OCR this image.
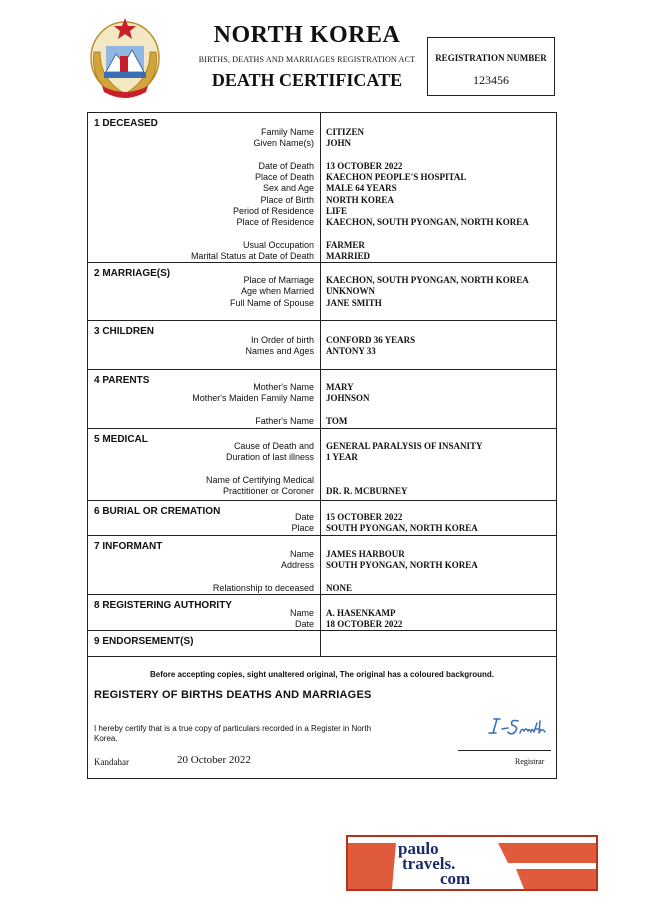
NORTH KOREA
BIRTHS, DEATHS AND MARRIAGES REGISTRATION ACT
DEATH CERTIFICATE
REGISTRATION NUMBER
123456
1 DECEASED
Family Name CITIZEN
Given Name(s) JOHN
Date of Death 13 OCTOBER 2022
Place of Death KAECHON PEOPLE'S HOSPITAL
Sex and Age MALE 64 YEARS
Place of Birth NORTH KOREA
Period of Residence LIFE
Place of Residence KAECHON, SOUTH PYONGAN, NORTH KOREA
Usual Occupation FARMER
Marital Status at Date of Death MARRIED
2 MARRIAGE(S)
Place of Marriage KAECHON, SOUTH PYONGAN, NORTH KOREA
Age when Married UNKNOWN
Full Name of Spouse JANE SMITH
3 CHILDREN
In Order of birth CONFORD 36 YEARS
Names and Ages ANTONY 33
4 PARENTS
Mother's Name MARY
Mother's Maiden Family Name JOHNSON
Father's Name TOM
5 MEDICAL
Cause of Death and GENERAL PARALYSIS OF INSANITY
Duration of last illness 1 YEAR
Name of Certifying Medical
Practitioner or Coroner DR. R. MCBURNEY
6 BURIAL OR CREMATION	Date 15 OCTOBER 2022
Place SOUTH PYONGAN, NORTH KOREA
7 INFORMANT
Name JAMES HARBOUR
Address SOUTH PYONGAN, NORTH KOREA
Relationship to deceased NONE
8 REGISTERING AUTHORITY
Name A. HASENKAMP
Date 18 OCTOBER 2022
9 ENDORSEMENT(S)
Before accepting copies, sight unaltered original, The original has a coloured background.
REGISTERY OF BIRTHS DEATHS AND MARRIAGES
I hereby certify that is a true copy of particulars recorded in a Register in North Korea.
Kandahar	20 October 2022	Registrar
paulo
travels.
com
